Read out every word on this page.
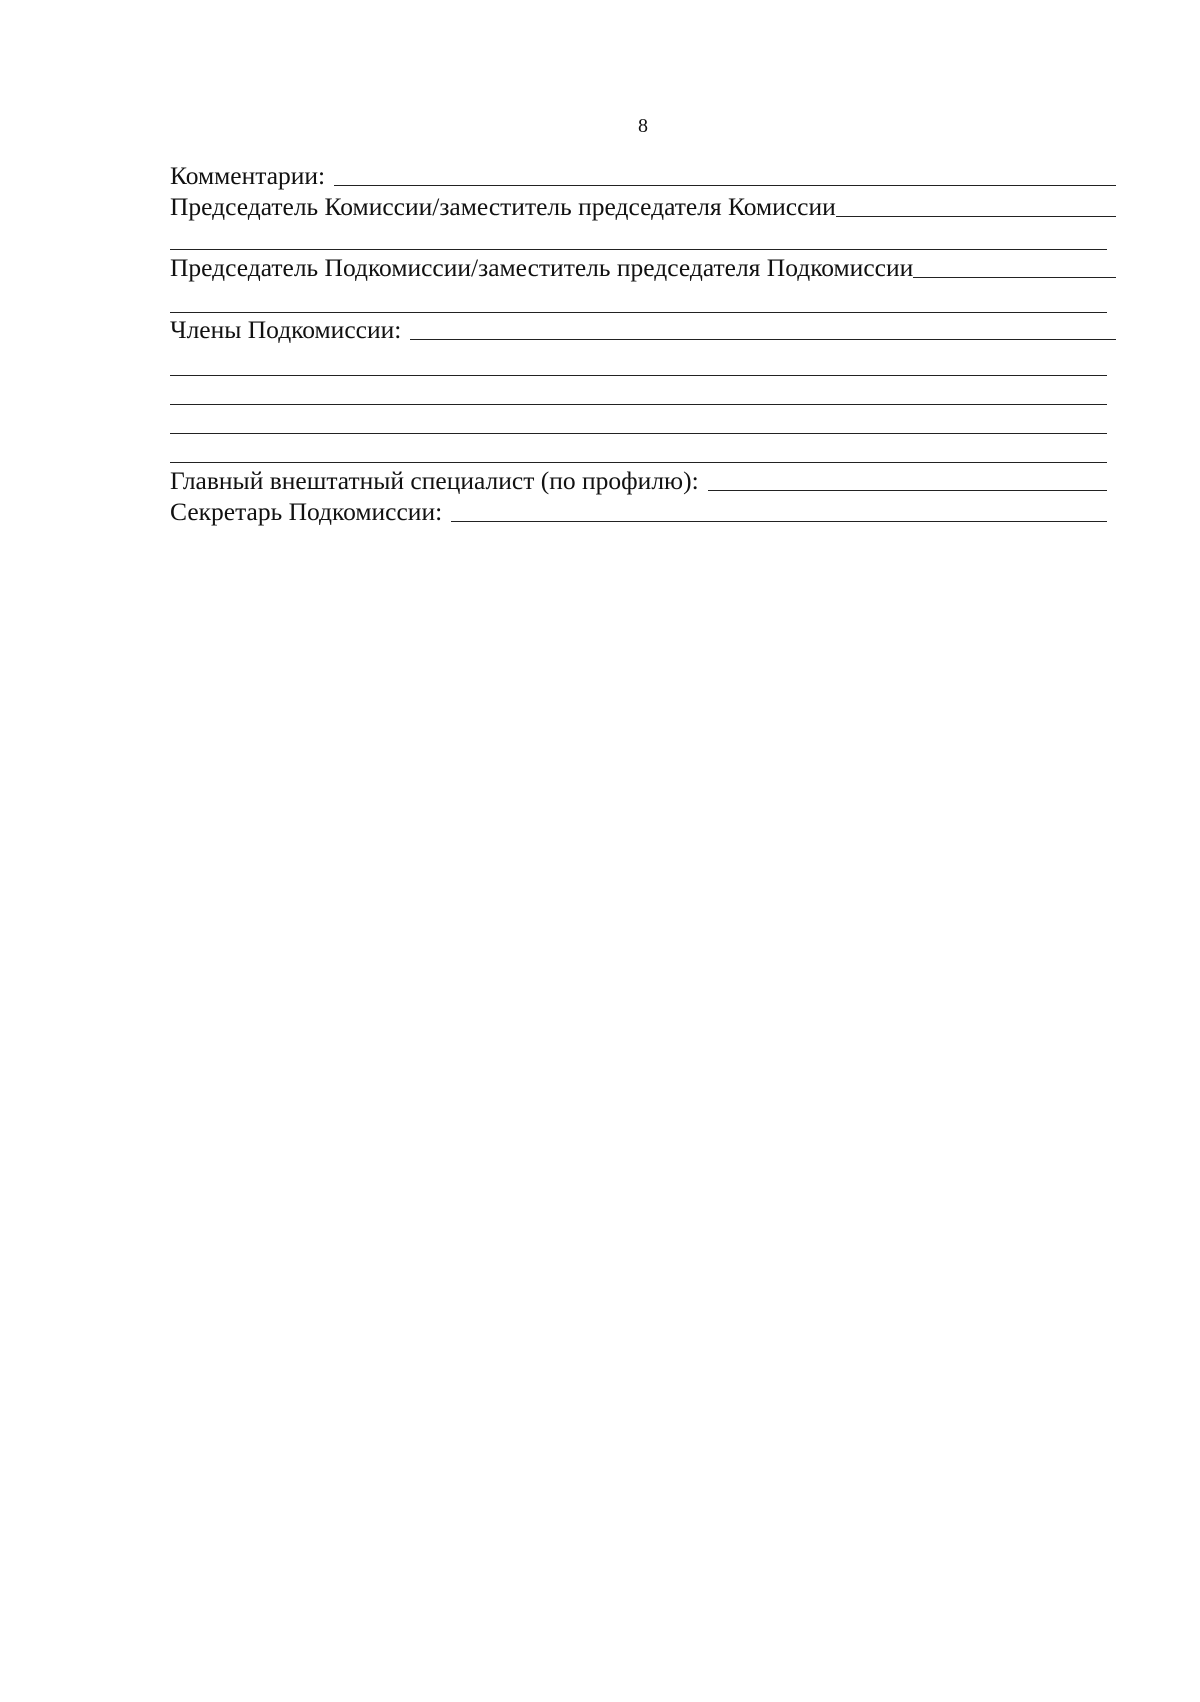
8
Комментарии:
Председатель Комиссии/заместитель председателя Комиссии
Председатель Подкомиссии/заместитель председателя Подкомиссии
Члены Подкомиссии:
Главный внештатный специалист (по профилю):
Секретарь Подкомиссии:
